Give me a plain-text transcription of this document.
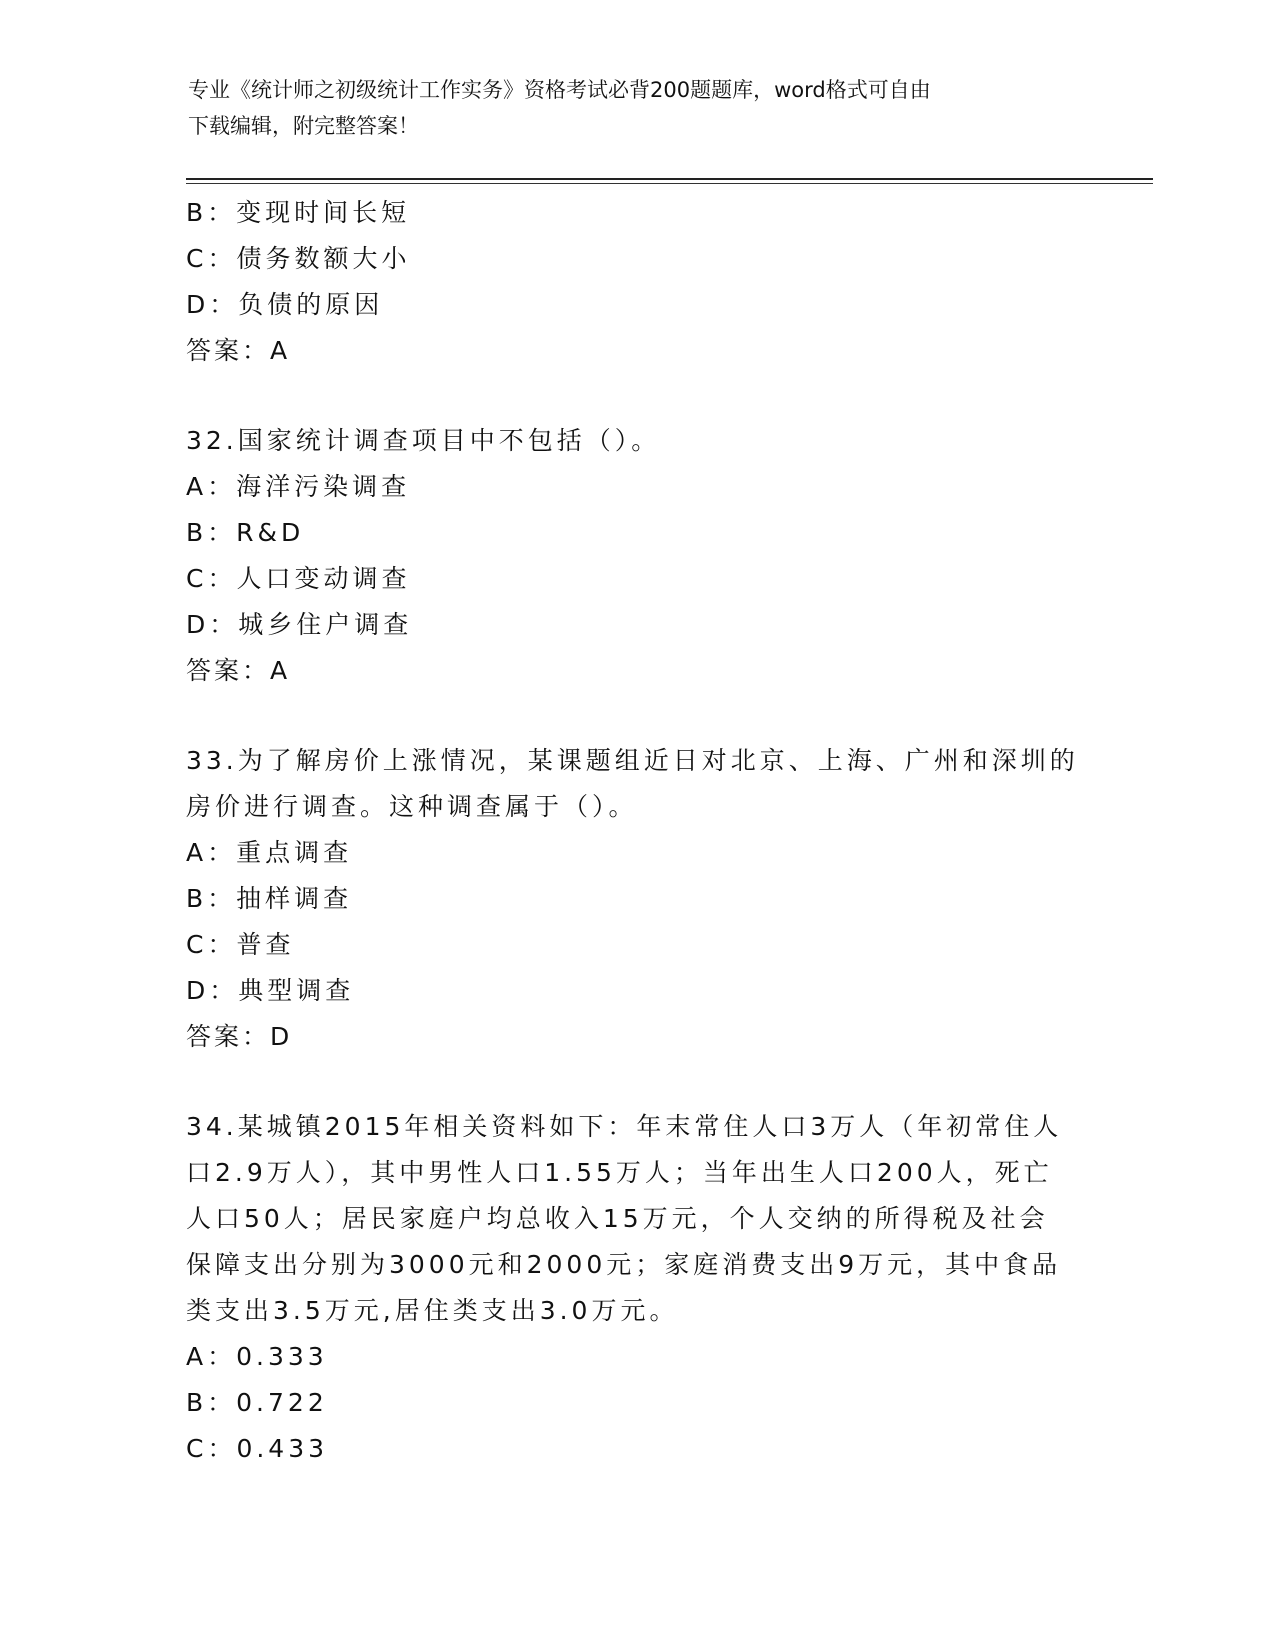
专业《统计师之初级统计工作实务》资格考试必背200题题库，word格式可自由
下载编辑，附完整答案！
B：变现时间长短
C：债务数额大小
D：负债的原因
答案：A
32.国家统计调查项目中不包括（）。
A：海洋污染调查
B：R&D
C：人口变动调查
D：城乡住户调查
答案：A
33.为了解房价上涨情况，某课题组近日对北京、上海、广州和深圳的
房价进行调查。这种调查属于（）。
A：重点调查
B：抽样调查
C：普查
D：典型调查
答案：D
34.某城镇2015年相关资料如下：年末常住人口3万人（年初常住人
口2.9万人），其中男性人口1.55万人；当年出生人口200人，死亡
人口50人；居民家庭户均总收入15万元，个人交纳的所得税及社会
保障支出分别为3000元和2000元；家庭消费支出9万元，其中食品
类支出3.5万元,居住类支出3.0万元。
A：0.333
B：0.722
C：0.433
